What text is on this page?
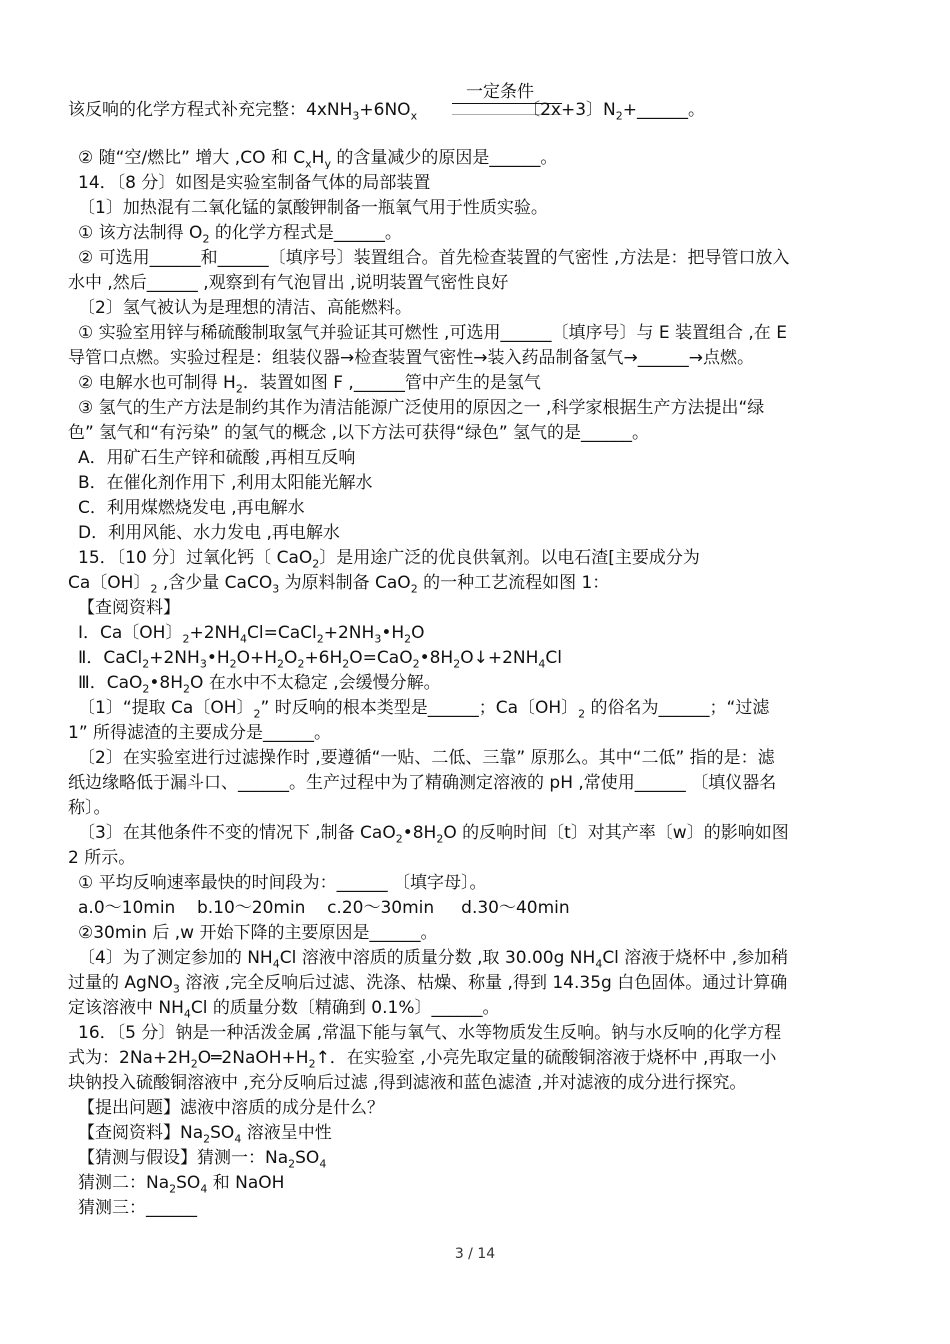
该反响的化学方程式补充完整：$4xNH_3+6NO_x$	〔2x+3〕$N_2+\_\_\_\_\_\_$。
一定条件
② 随“空/燃比” 增大 ,CO 和 $C_xH_y$ 的含量减少的原因是______。
14．〔8 分〕如图是实验室制备气体的局部装置
〔1〕加热混有二氧化锰的氯酸钾制备一瓶氧气用于性质实验。
① 该方法制得 $O_2$ 的化学方程式是______。
② 可选用______和______〔填序号〕装置组合。首先检查装置的气密性 ,方法是：把导管口放入
水中 ,然后______ ,观察到有气泡冒出 ,说明装置气密性良好
〔2〕氢气被认为是理想的清洁、高能燃料。
① 实验室用锌与稀硫酸制取氢气并验证其可燃性 ,可选用______〔填序号〕与 E 装置组合 ,在 E
导管口点燃。实验过程是：组装仪器→检查装置气密性→装入药品制备氢气→______→点燃。
② 电解水也可制得 $H_2$．装置如图 F ,______管中产生的是氢气
③ 氢气的生产方法是制约其作为清洁能源广泛使用的原因之一 ,科学家根据生产方法提出“绿
色” 氢气和“有污染” 的氢气的概念 ,以下方法可获得“绿色” 氢气的是______。
A．用矿石生产锌和硫酸 ,再相互反响
B．在催化剂作用下 ,利用太阳能光解水
C．利用煤燃烧发电 ,再电解水
D．利用风能、水力发电 ,再电解水
15．〔10 分〕过氧化钙〔 CaO$_2$〕是用途广泛的优良供氧剂。以电石渣[主要成分为
Ca〔OH〕$_2$ ,含少量 CaCO$_3$ 为原料制备 CaO$_2$ 的一种工艺流程如图 1：
【查阅资料】
Ⅰ．Ca〔OH〕$_2+2NH_4Cl=CaCl_2+2NH_3•H_2O$
Ⅱ．$CaCl_2+2NH_3•H_2O+H_2O_2+6H_2O=CaO_2•8H_2O↓+2NH_4Cl$
Ⅲ．$CaO_2•8H_2O$ 在水中不太稳定 ,会缓慢分解。
〔1〕“提取 Ca〔OH〕$_2$” 时反响的根本类型是______；Ca〔OH〕$_2$ 的俗名为______；“过滤
1” 所得滤渣的主要成分是______。
〔2〕在实验室进行过滤操作时 ,要遵循“一贴、二低、三靠” 原那么。其中“二低” 指的是：滤
纸边缘略低于漏斗口、______。生产过程中为了精确测定溶液的 pH ,常使用______ 〔填仪器名
称〕。
〔3〕在其他条件不变的情况下 ,制备 $CaO_2•8H_2O$ 的反响时间〔t〕对其产率〔w〕的影响如图
2 所示。
① 平均反响速率最快的时间段为：______ 〔填字母〕。
a.0～10min    b.10～20min    c.20～30min     d.30～40min
②30min 后 ,w 开始下降的主要原因是______。
〔4〕为了测定参加的 $NH_4Cl$ 溶液中溶质的质量分数 ,取 30.00g $NH_4Cl$ 溶液于烧杯中 ,参加稍
过量的 AgNO$_3$ 溶液 ,完全反响后过滤、洗涤、枯燥、称量 ,得到 14.35g 白色固体。通过计算确
定该溶液中 $NH_4Cl$ 的质量分数〔精确到 0.1%〕______。
16．〔5 分〕钠是一种活泼金属 ,常温下能与氧气、水等物质发生反响。钠与水反响的化学方程
式为：$2Na+2H_2O═2NaOH+H_2↑$．在实验室 ,小亮先取定量的硫酸铜溶液于烧杯中 ,再取一小
块钠投入硫酸铜溶液中 ,充分反响后过滤 ,得到滤液和蓝色滤渣 ,并对滤液的成分进行探究。
【提出问题】滤液中溶质的成分是什么？
【查阅资料】$Na_2SO_4$ 溶液呈中性
【猜测与假设】猜测一：$Na_2SO_4$
猜测二：$Na_2SO_4$ 和 NaOH
猜测三：______
3 / 14
